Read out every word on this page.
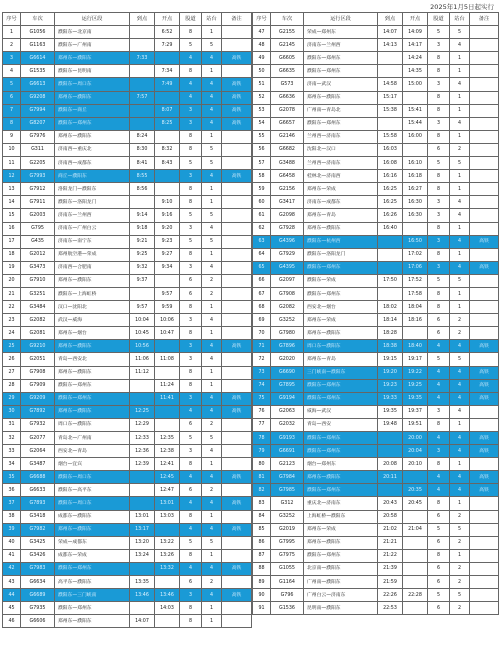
2025年1月5日起实行
序号	车次	运行区段	到点	开点	股道	站台	备注
1	G1056	濮阳东—北京南		6:52	8	1	
2	G1163	濮阳东—广州南		7:29	5	5	
3	G6614	郑州东—濮阳东	7:33		4	4	高铁
4	G1535	濮阳东—昆明南		7:34	8	1	
5	G6613	濮阳东—周口东		7:49	4	4	高铁
6	G9208	郑州东—濮阳东	7:57		4	4	高铁
7	G7994	濮阳东—商丘		8:07	3	4	高铁
8	G8207	濮阳东—郑州东		8:25	3	4	高铁
9	G7976	郑州东—濮阳东	8:24		8	1	
10	G311	济南西—重庆北	8:30	8:32	8	5	
11	G2205	济南西—成都东	8:41	8:43	5	5	
12	G7993	商丘—濮阳东	8:55		3	4	高铁
13	G7912	洛阳龙门—濮阳东	8:56		8	1	
14	G7911	濮阳东—洛阳龙门		9:10	8	1	
15	G2003	济南东—兰州西	9:14	9:16	5	5	
16	G795	济南东—广州白云	9:18	9:20	3	4	
17	G435	济南东—南宁东	9:21	9:23	5	5	
18	G2012	郑州航空港—荣成	9:25	9:27	8	1	
19	G3473	济南西—合肥南	9:32	9:34	3	4	
20	G7910	郑州东—濮阳东	9:37		6	2	
21	G3251	濮阳东—上海虹桥		9:57	6	2	
22	G3484	汉口—沈阳北	9:57	9:59	8	1	
23	G2082	武汉—威海	10:04	10:06	3	4	
24	G2081	郑州东—烟台	10:45	10:47	8	1	
25	G9210	郑州东—濮阳东	10:56		3	4	高铁
26	G2051	青岛—西安北	11:06	11:08	3	4	
27	G7908	郑州东—濮阳东	11:12		8	1	
28	G7909	濮阳东—郑州东		11:24	8	1	
29	G9209	濮阳东—郑州东		11:41	3	4	高铁
30	G7892	郑州东—濮阳东	12:25		4	4	高铁
31	G7932	周口东—濮阳东	12:29		6	2	
32	G2077	青岛北—广州南	12:33	12:35	5	5	
33	G2064	西安北—青岛	12:36	12:38	3	4	
34	G3487	烟台—宜宾	12:39	12:41	8	1	
35	G6688	濮阳东—周口东		12:45	4	4	高铁
36	G6633	濮阳东—高平东		12:47	6	2	
37	G7893	濮阳东—周口东		13:01	4	4	高铁
38	G3418	成都东—濮阳东	13:01	13:03	8	1	
39	G7982	郑州东—濮阳东	13:17		4	4	高铁
40	G3425	荣成—成都东	13:20	13:22	5	5	
41	G3426	成都东—荣成	13:24	13:26	8	1	
42	G7983	濮阳东—郑州东		13:32	4	4	高铁
43	G6634	高平东—濮阳东	13:35		6	2	
44	G6689	濮阳东—三门峡南	13:46	13:46	3	4	高铁
45	G7935	濮阳东—郑州东		14:03	8	1	
46	G6606	郑州东—濮阳东	14:07		8	1	
序号	车次	运行区段	到点	开点	股道	站台	备注
47	G2155	荣成—郑州东	14:07	14:09	5	5	
48	G2145	济南东—兰州西	14:13	14:17	3	4	
49	G6605	濮阳东—郑州东		14:24	8	1	
50	G6635	濮阳东—郑州东		14:35	8	1	
51	G573	济南—武汉	14:58	15:00	3	4	
52	G6636	郑州东—濮阳东	15:17		8	1	
53	G2078	广州南—青岛北	15:38	15:41	8	1	
54	G6657	濮阳东—郑州东		15:44	3	4	
55	G2146	兰州西—济南东	15:58	16:00	8	1	
56	G6682	沈阳北—汉口	16:03		6	2	
57	G3488	兰州西—济南东	16:08	16:10	5	5	
58	G6458	桂林北—济南西	16:16	16:18	8	1	
59	G2156	郑州东—荣成	16:25	16:27	8	1	
60	G3417	济南东—成都东	16:25	16:30	3	4	
61	G2098	郑州东—青岛	16:26	16:30	3	4	
62	G7928	郑州东—濮阳东	16:40		8	1	
63	G4396	濮阳东—杭州西		16:50	3	4	高铁
64	G7929	濮阳东—洛阳龙门		17:02	8	1	
65	G4395	濮阳东—郑州东		17:06	3	4	高铁
66	G2097	濮阳东—荣成	17:50	17:52	5	5	
67	G7908	濮阳东—郑州东		17:58	8	1	
68	G2082	西安北—烟台	18:02	18:04	8	1	
69	G3252	郑州东—荣成	18:14	18:16	6	2	
70	G7980	郑州东—濮阳东	18:28		6	2	
71	G7896	周口东—濮阳东	18:38	18:40	4	4	高铁
72	G2020	郑州东—青岛	19:15	19:17	5	5	
73	G6690	三门峡南—濮阳东	19:20	19:22	4	4	高铁
74	G7895	濮阳东—郑州东	19:23	19:25	4	4	高铁
75	G9194	濮阳东—郑州东	19:33	19:35	4	4	高铁
76	G2063	威海—武汉	19:35	19:37	3	4	
77	G2032	青岛—西安	19:48	19:51	8	1	
78	G9193	濮阳东—郑州东		20:00	4	4	高铁
79	G6691	濮阳东—郑州东		20:04	3	4	高铁
80	G2123	烟台—郑州东	20:08	20:10	8	1	
81	G7984	郑州东—濮阳东	20:11		4	4	高铁
82	G7985	濮阳东—郑州东		20:35	4	4	高铁
83	G312	重庆北—济南东	20:43	20:45	8	1	
84	G3252	上海虹桥—濮阳东	20:58		6	2	
85	G2019	郑州东—荣成	21:02	21:04	5	5	
86	G7995	郑州东—濮阳东	21:21		6	2	
87	G7975	濮阳东—郑州东	21:22		8	1	
88	G1055	北京南—濮阳东	21:39		6	2	
89	G1164	广州南—濮阳东	21:59		6	2	
90	G796	广州白云—济南东	22:26	22:28	5	5	
91	G1536	昆明南—濮阳东	22:53		6	2	
